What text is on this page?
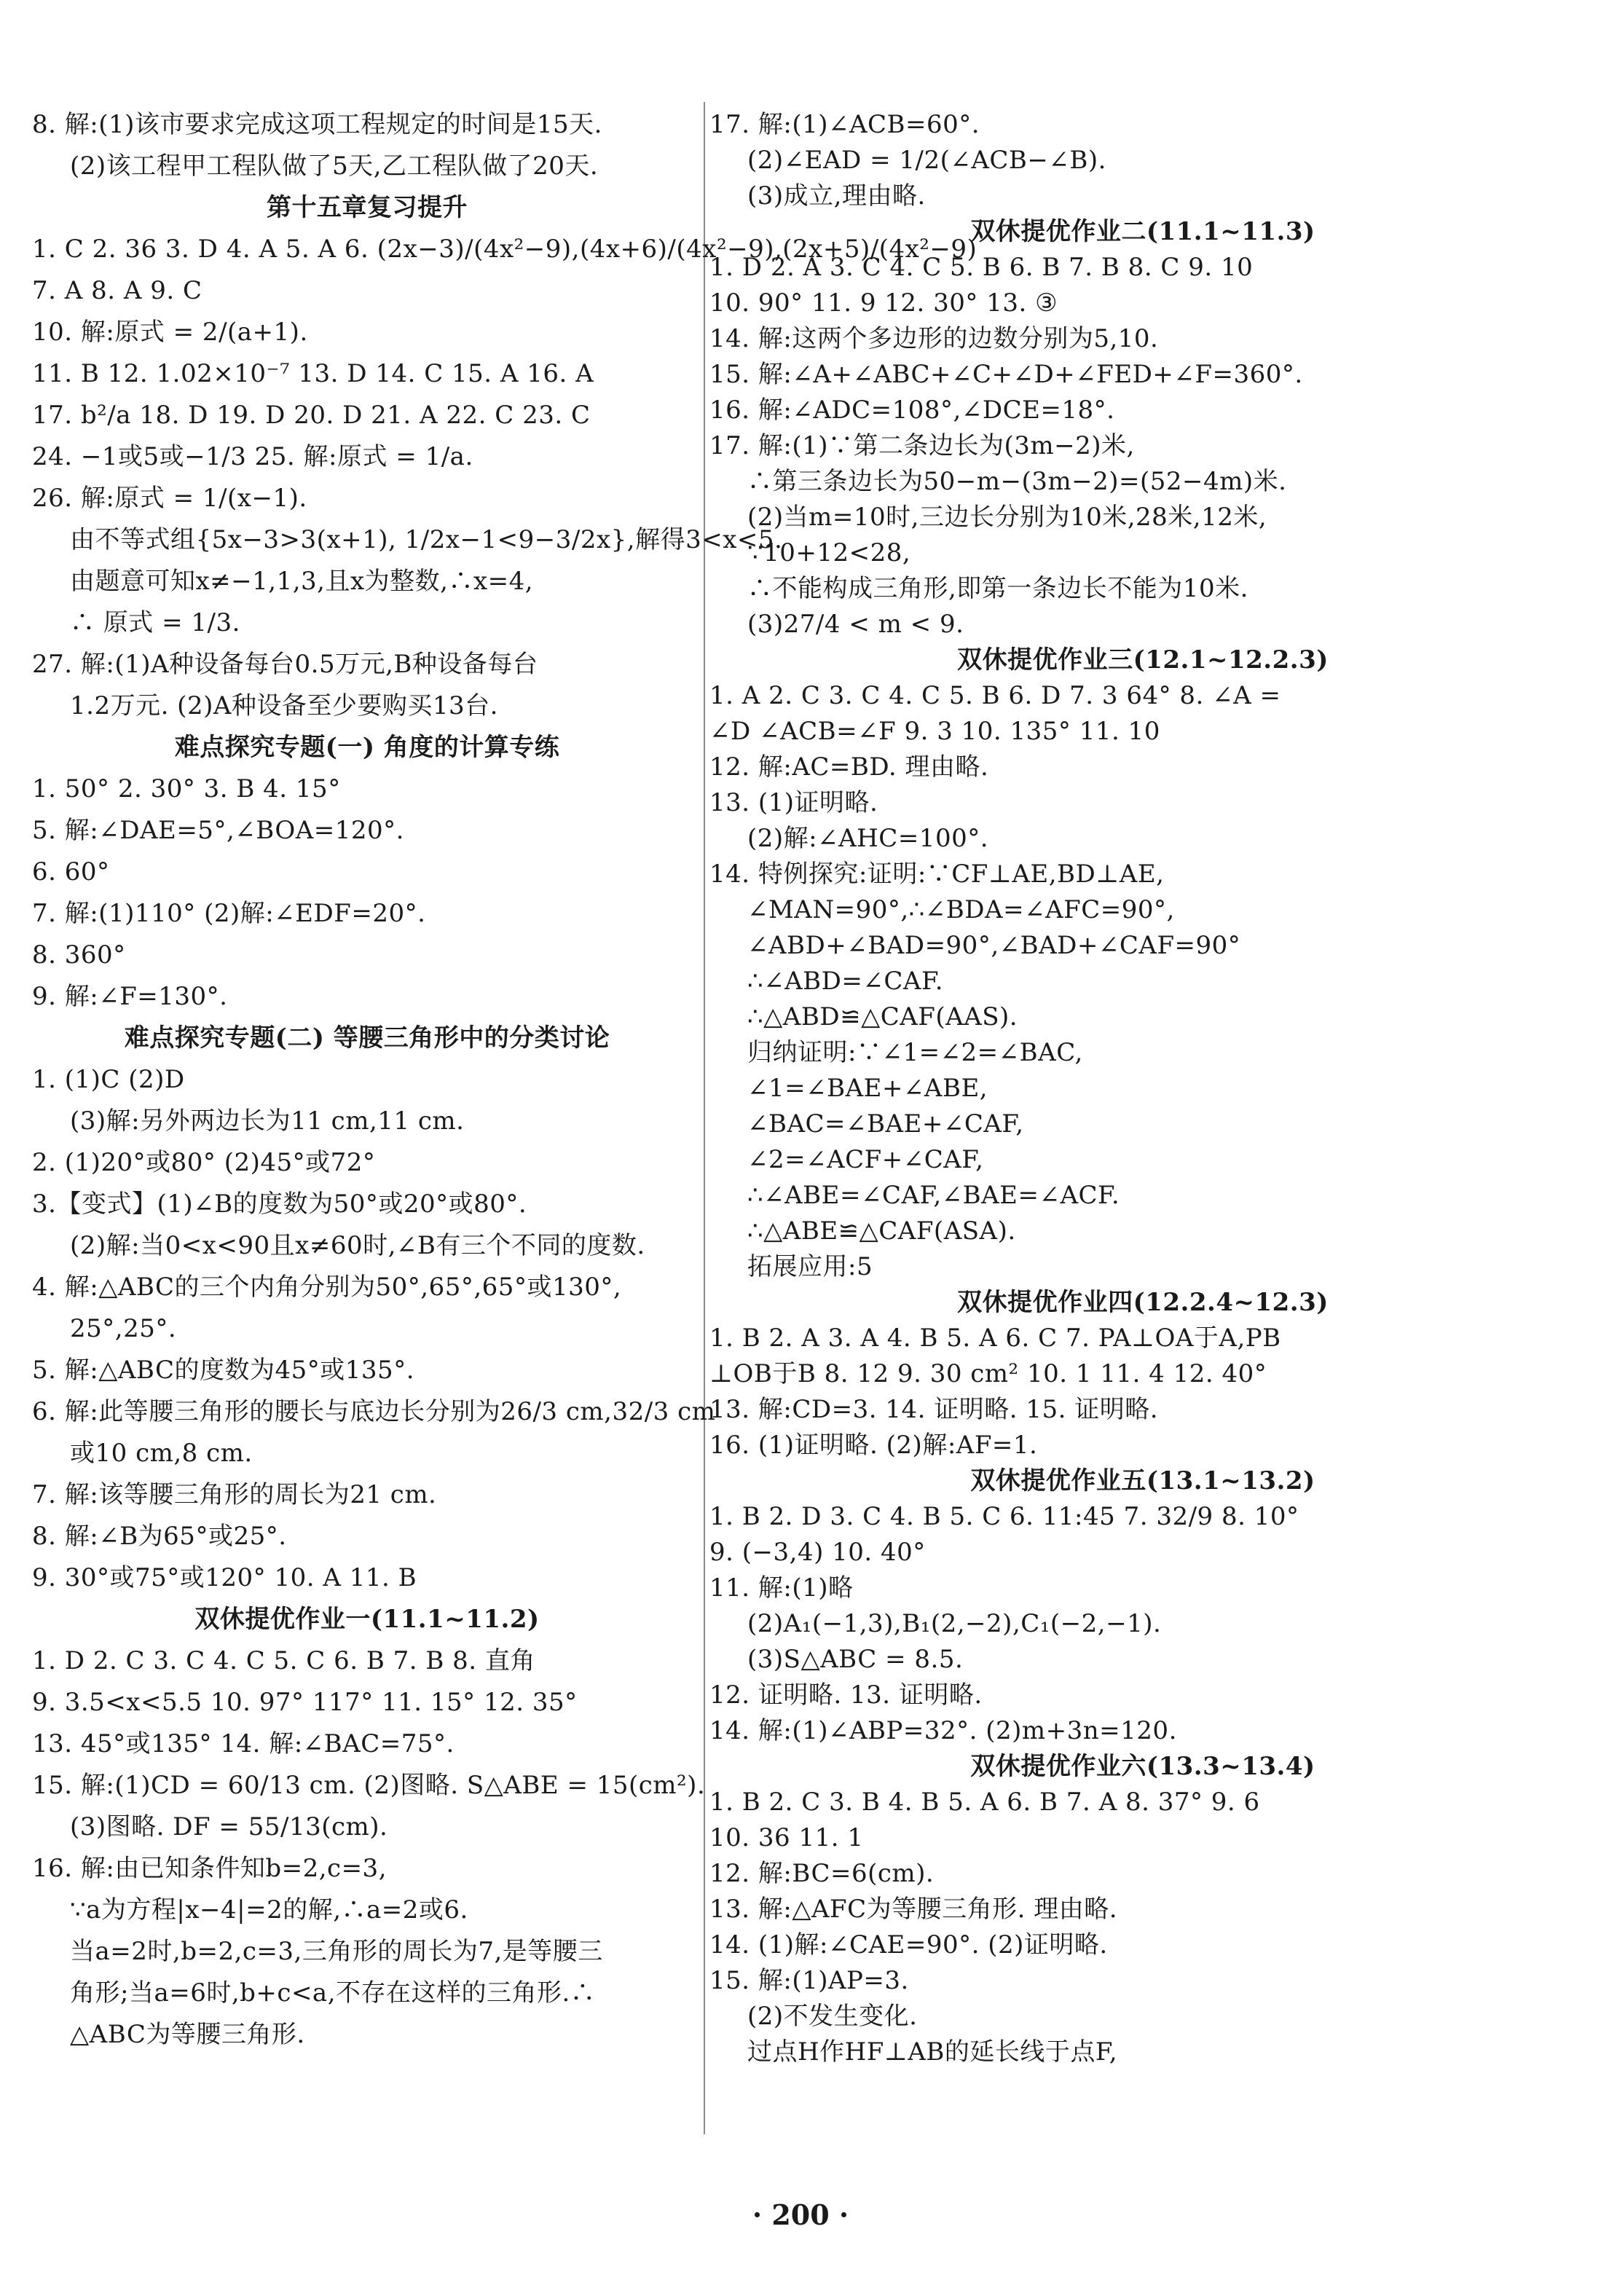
8. 解:(1)该市要求完成这项工程规定的时间是15天.
(2)该工程甲工程队做了5天,乙工程队做了20天.
第十五章复习提升
1. C 2. 36 3. D 4. A 5. A 6. (2x−3)/(4x²−9),(4x+6)/(4x²−9),(2x+5)/(4x²−9)
7. A 8. A 9. C
10. 解:原式 = 2/(a+1).
11. B 12. 1.02×10⁻⁷ 13. D 14. C 15. A 16. A
17. b²/a 18. D 19. D 20. D 21. A 22. C 23. C
24. −1或5或−1/3 25. 解:原式 = 1/a.
26. 解:原式 = 1/(x−1).
由不等式组{5x−3>3(x+1), 1/2x−1<9−3/2x},解得3<x<5.
由题意可知x≠−1,1,3,且x为整数,∴x=4,
∴ 原式 = 1/3.
27. 解:(1)A种设备每台0.5万元,B种设备每台
1.2万元. (2)A种设备至少要购买13台.
难点探究专题(一) 角度的计算专练
1. 50° 2. 30° 3. B 4. 15°
5. 解:∠DAE=5°,∠BOA=120°.
6. 60°
7. 解:(1)110° (2)解:∠EDF=20°.
8. 360°
9. 解:∠F=130°.
难点探究专题(二) 等腰三角形中的分类讨论
1. (1)C (2)D
(3)解:另外两边长为11 cm,11 cm.
2. (1)20°或80° (2)45°或72°
3.【变式】(1)∠B的度数为50°或20°或80°.
(2)解:当0<x<90且x≠60时,∠B有三个不同的度数.
4. 解:△ABC的三个内角分别为50°,65°,65°或130°,
25°,25°.
5. 解:△ABC的度数为45°或135°.
6. 解:此等腰三角形的腰长与底边长分别为26/3 cm,32/3 cm
或10 cm,8 cm.
7. 解:该等腰三角形的周长为21 cm.
8. 解:∠B为65°或25°.
9. 30°或75°或120° 10. A 11. B
双休提优作业一(11.1~11.2)
1. D 2. C 3. C 4. C 5. C 6. B 7. B 8. 直角
9. 3.5<x<5.5 10. 97° 117° 11. 15° 12. 35°
13. 45°或135° 14. 解:∠BAC=75°.
15. 解:(1)CD = 60/13 cm. (2)图略. S△ABE = 15(cm²).
(3)图略. DF = 55/13(cm).
16. 解:由已知条件知b=2,c=3,
∵a为方程|x−4|=2的解,∴a=2或6.
当a=2时,b=2,c=3,三角形的周长为7,是等腰三
角形;当a=6时,b+c<a,不存在这样的三角形.∴
△ABC为等腰三角形.
17. 解:(1)∠ACB=60°.
(2)∠EAD = 1/2(∠ACB−∠B).
(3)成立,理由略.
双休提优作业二(11.1~11.3)
1. D 2. A 3. C 4. C 5. B 6. B 7. B 8. C 9. 10
10. 90° 11. 9 12. 30° 13. ③
14. 解:这两个多边形的边数分别为5,10.
15. 解:∠A+∠ABC+∠C+∠D+∠FED+∠F=360°.
16. 解:∠ADC=108°,∠DCE=18°.
17. 解:(1)∵第二条边长为(3m−2)米,
∴第三条边长为50−m−(3m−2)=(52−4m)米.
(2)当m=10时,三边长分别为10米,28米,12米,
∵10+12<28,
∴不能构成三角形,即第一条边长不能为10米.
(3)27/4 < m < 9.
双休提优作业三(12.1~12.2.3)
1. A 2. C 3. C 4. C 5. B 6. D 7. 3 64° 8. ∠A =
∠D ∠ACB=∠F 9. 3 10. 135° 11. 10
12. 解:AC=BD. 理由略.
13. (1)证明略.
(2)解:∠AHC=100°.
14. 特例探究:证明:∵CF⊥AE,BD⊥AE,
∠MAN=90°,∴∠BDA=∠AFC=90°,
∠ABD+∠BAD=90°,∠BAD+∠CAF=90°
∴∠ABD=∠CAF.
∴△ABD≌△CAF(AAS).
归纳证明:∵∠1=∠2=∠BAC,
∠1=∠BAE+∠ABE,
∠BAC=∠BAE+∠CAF,
∠2=∠ACF+∠CAF,
∴∠ABE=∠CAF,∠BAE=∠ACF.
∴△ABE≌△CAF(ASA).
拓展应用:5
双休提优作业四(12.2.4~12.3)
1. B 2. A 3. A 4. B 5. A 6. C 7. PA⊥OA于A,PB
⊥OB于B 8. 12 9. 30 cm² 10. 1 11. 4 12. 40°
13. 解:CD=3. 14. 证明略. 15. 证明略.
16. (1)证明略. (2)解:AF=1.
双休提优作业五(13.1~13.2)
1. B 2. D 3. C 4. B 5. C 6. 11:45 7. 32/9 8. 10°
9. (−3,4) 10. 40°
11. 解:(1)略
(2)A₁(−1,3),B₁(2,−2),C₁(−2,−1).
(3)S△ABC = 8.5.
12. 证明略. 13. 证明略.
14. 解:(1)∠ABP=32°. (2)m+3n=120.
双休提优作业六(13.3~13.4)
1. B 2. C 3. B 4. B 5. A 6. B 7. A 8. 37° 9. 6
10. 36 11. 1
12. 解:BC=6(cm).
13. 解:△AFC为等腰三角形. 理由略.
14. (1)解:∠CAE=90°. (2)证明略.
15. 解:(1)AP=3.
(2)不发生变化.
过点H作HF⊥AB的延长线于点F,
· 200 ·
